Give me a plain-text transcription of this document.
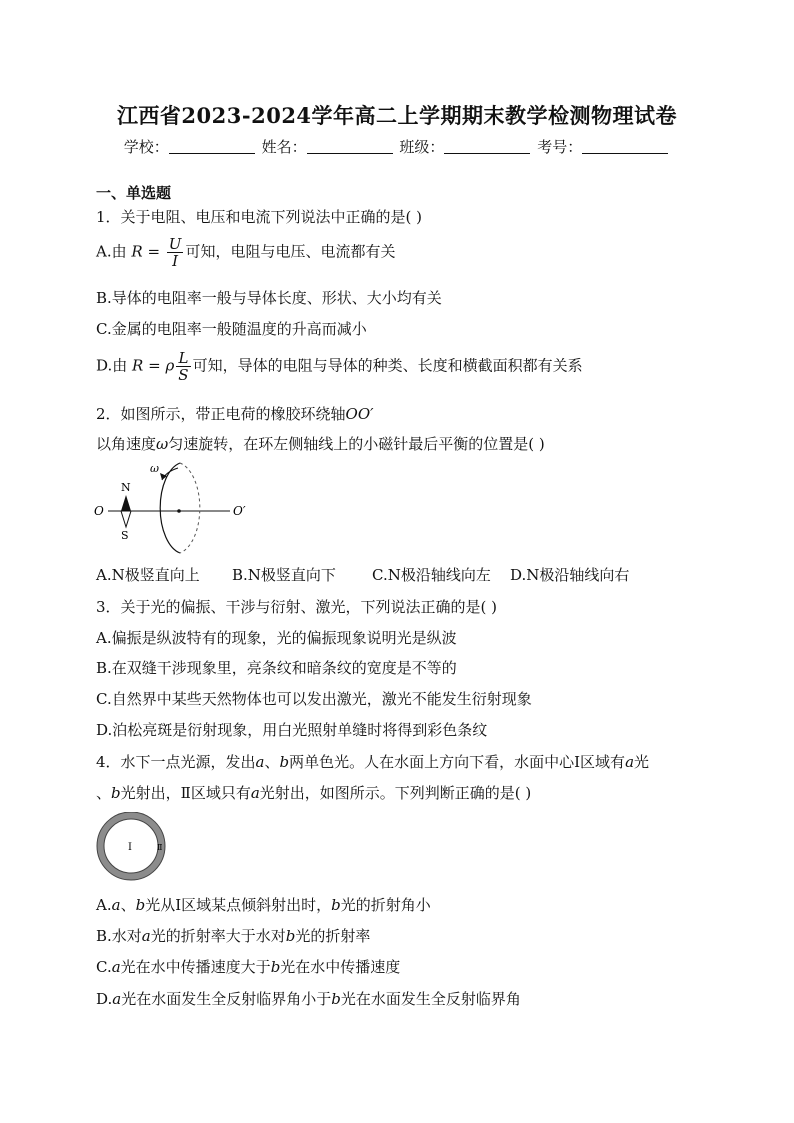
江西省2023-2024学年高二上学期期末教学检测物理试卷
学校：	姓名：	班级：	考号：
一、单选题
1．关于电阻、电压和电流下列说法中正确的是( )
A.由 $R = \frac{U}{I}$ 可知，电阻与电压、电流都有关
B.导体的电阻率一般与导体长度、形状、大小均有关
C.金属的电阻率一般随温度的升高而减小
D.由 R = ρ $\frac{L}{S}$ 可知，导体的电阻与导体的种类、长度和横截面积都有关系
2．如图所示，带正电荷的橡胶环绕轴OO′
以角速度ω匀速旋转，在环左侧轴线上的小磁针最后平衡的位置是( )
ω
N
S
O	O′
A.N极竖直向上 B.N极竖直向下 C.N极沿轴线向左 D.N极沿轴线向右
3．关于光的偏振、干涉与衍射、激光，下列说法正确的是( )
A.偏振是纵波特有的现象，光的偏振现象说明光是纵波
B.在双缝干涉现象里，亮条纹和暗条纹的宽度是不等的
C.自然界中某些天然物体也可以发出激光，激光不能发生衍射现象
D.泊松亮斑是衍射现象，用白光照射单缝时将得到彩色条纹
4．水下一点光源，发出a、b两单色光。人在水面上方向下看，水面中心Ⅰ区域有a光
、b光射出，Ⅱ区域只有a光射出，如图所示。下列判断正确的是( )
Ⅰ	Ⅱ
A.a、b光从Ⅰ区域某点倾斜射出时，b光的折射角小
B.水对a光的折射率大于水对b光的折射率
C.a光在水中传播速度大于b光在水中传播速度
D.a光在水面发生全反射临界角小于b光在水面发生全反射临界角
